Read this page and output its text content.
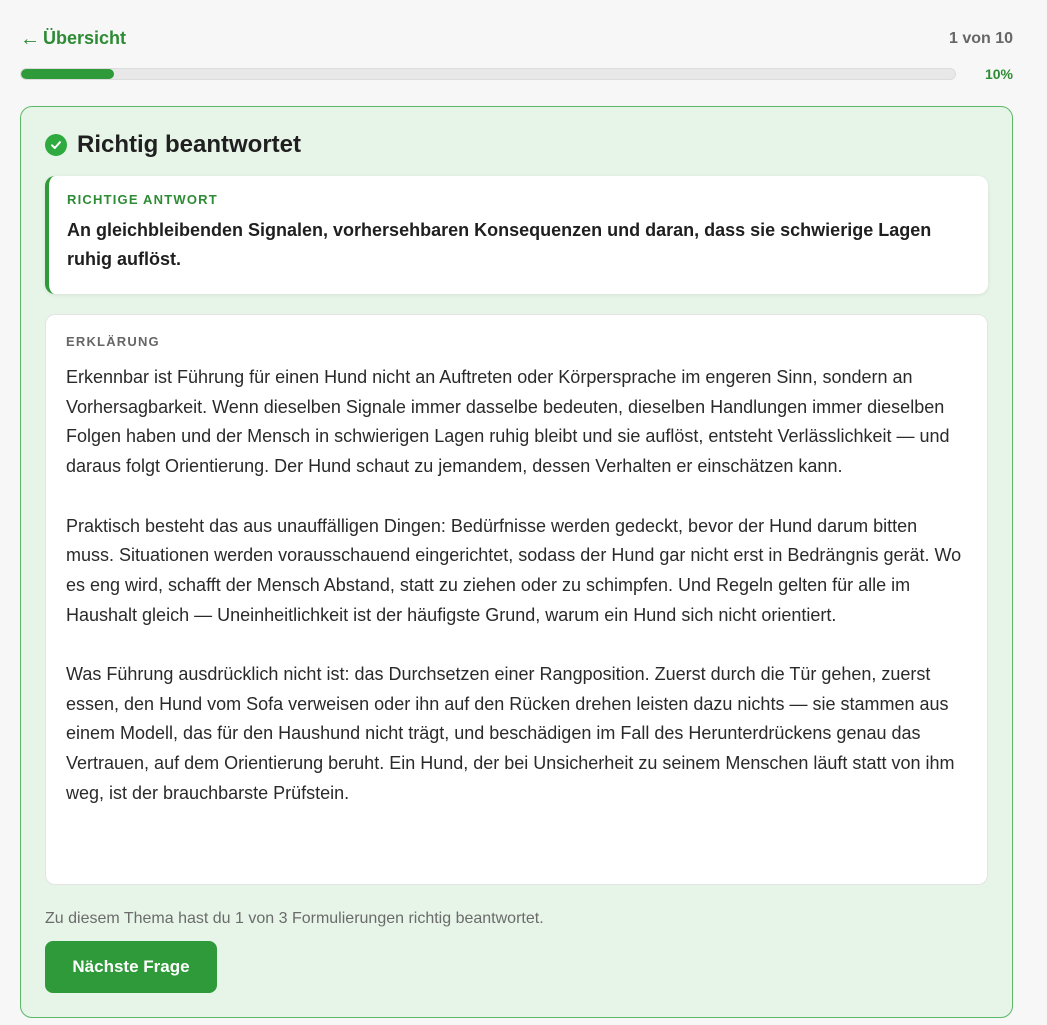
← Übersicht	1 von 10
10%
Richtig beantwortet
RICHTIGE ANTWORT
An gleichbleibenden Signalen, vorhersehbaren Konsequenzen und daran, dass sie schwierige Lagen ruhig auflöst.
ERKLÄRUNG

Erkennbar ist Führung für einen Hund nicht an Auftreten oder Körpersprache im engeren Sinn, sondern an Vorhersagbarkeit. Wenn dieselben Signale immer dasselbe bedeuten, dieselben Handlungen immer dieselben Folgen haben und der Mensch in schwierigen Lagen ruhig bleibt und sie auflöst, entsteht Verlässlichkeit — und daraus folgt Orientierung. Der Hund schaut zu jemandem, dessen Verhalten er einschätzen kann.

Praktisch besteht das aus unauffälligen Dingen: Bedürfnisse werden gedeckt, bevor der Hund darum bitten muss. Situationen werden vorausschauend eingerichtet, sodass der Hund gar nicht erst in Bedrängnis gerät. Wo es eng wird, schafft der Mensch Abstand, statt zu ziehen oder zu schimpfen. Und Regeln gelten für alle im Haushalt gleich — Uneinheitlichkeit ist der häufigste Grund, warum ein Hund sich nicht orientiert.

Was Führung ausdrücklich nicht ist: das Durchsetzen einer Rangposition. Zuerst durch die Tür gehen, zuerst essen, den Hund vom Sofa verweisen oder ihn auf den Rücken drehen leisten dazu nichts — sie stammen aus einem Modell, das für den Haushund nicht trägt, und beschädigen im Fall des Herunterdrückens genau das Vertrauen, auf dem Orientierung beruht. Ein Hund, der bei Unsicherheit zu seinem Menschen läuft statt von ihm weg, ist der brauchbarste Prüfstein.

Zu diesem Thema hast du 1 von 3 Formulierungen richtig beantwortet.
Nächste Frage
